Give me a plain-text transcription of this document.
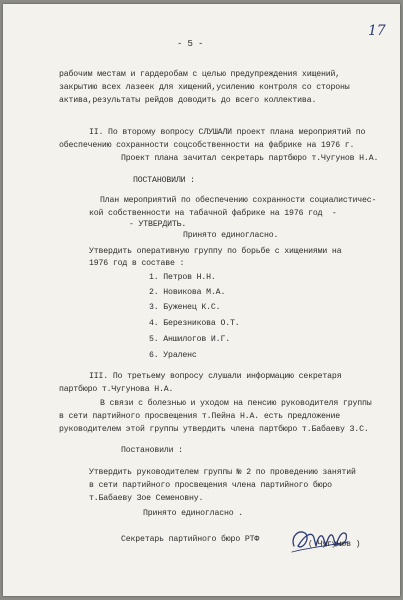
- 5 -
17
рабочим местам и гардеробам с целью предупреждения хищений,
закрытию всех лазеек для хищений,усилению контроля со стороны
актива,результаты рейдов доводить до всего коллектива.
II. По второму вопросу СЛУШАЛИ проект плана мероприятий по
обеспечению сохранности соцсобственности на фабрике на 1976 г.
Проект плана зачитал секретарь партбюро т.Чугунов Н.А.
ПОСТАНОВИЛИ :
План мероприятий по обеспечению сохранности социалистичес-
кой собственности на табачной фабрике на 1976 год  -
- УТВЕРДИТЬ.
Принято единогласно.
Утвердить оперативную группу по борьбе с хищениями на
1976 год в составе :
1. Петров Н.Н.
2. Новикова М.А.
3. Буженец К.С.
4. Березникова О.Т.
5. Аншилогов И.Г.
6. Ураленс
III. По третьему вопросу слушали информацию секретаря
партбюро т.Чугунова Н.А.
В связи с болезнью и уходом на пенсию руководителя группы
в сети партийного просвещения т.Пейна Н.А. есть предложение
руководителем этой группы утвердить члена партбюро т.Бабаеву З.С.
Постановили :
Утвердить руководителем группы № 2 по проведению занятий
в сети партийного просвещения члена партийного бюро
т.Бабаеву Зое Семеновну.
Принято единогласно .
Секретарь партийного бюро РТФ
( Чугунов )
